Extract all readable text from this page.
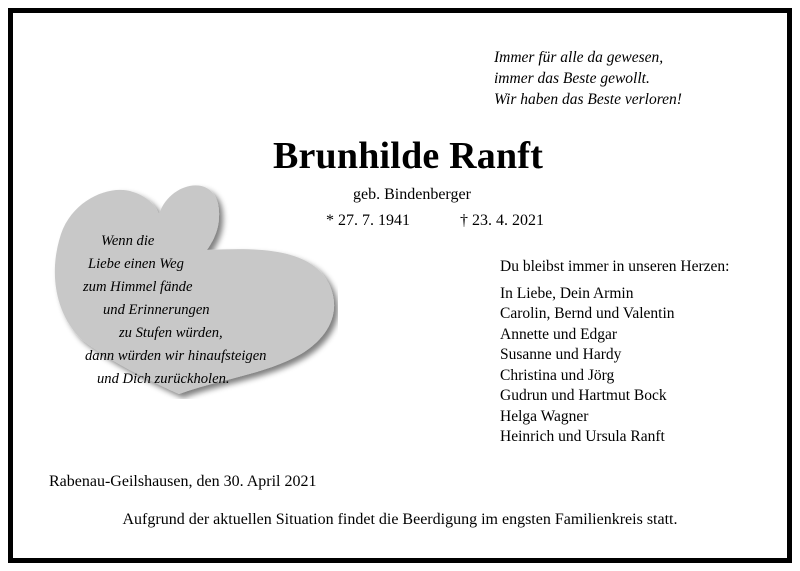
Immer für alle da gewesen,
immer das Beste gewollt.
Wir haben das Beste verloren!
Brunhilde Ranft
geb. Bindenberger
* 27. 7. 1941	† 23. 4. 2021
Wenn die
Liebe einen Weg
zum Himmel fände
und Erinnerungen
zu Stufen würden,
dann würden wir hinaufsteigen
und Dich zurückholen.
Du bleibst immer in unseren Herzen:
In Liebe, Dein Armin
Carolin, Bernd und Valentin
Annette und Edgar
Susanne und Hardy
Christina und Jörg
Gudrun und Hartmut Bock
Helga Wagner
Heinrich und Ursula Ranft
Rabenau-Geilshausen, den 30. April 2021
Aufgrund der aktuellen Situation findet die Beerdigung im engsten Familienkreis statt.
